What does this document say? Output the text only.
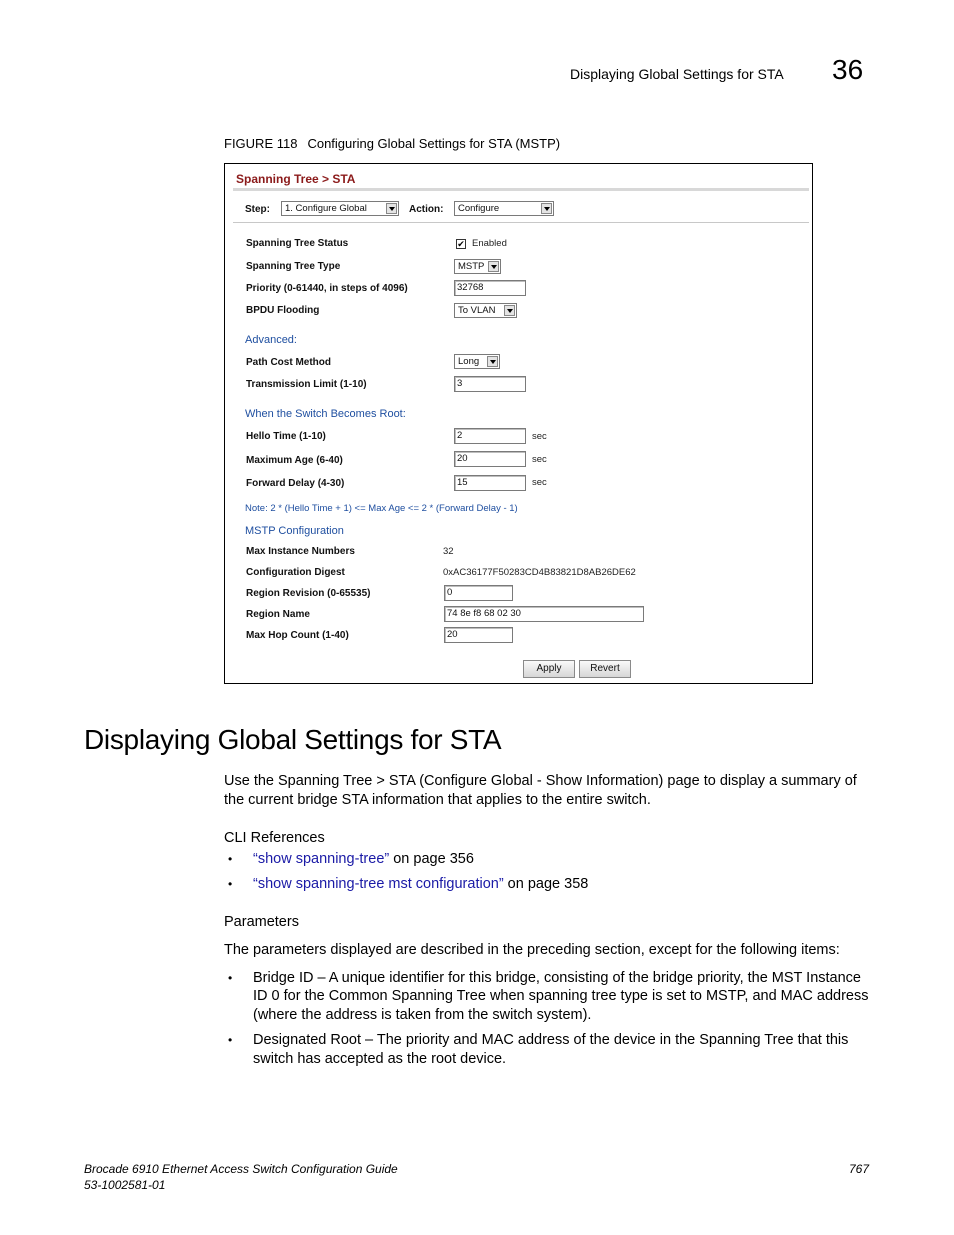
Displaying Global Settings for STA 36
FIGURE 118 Configuring Global Settings for STA (MSTP)
Spanning Tree > STA
Step:	1. Configure Global	Action:	Configure
Spanning Tree Status	✔ Enabled
Spanning Tree Type	MSTP
Priority (0-61440, in steps of 4096)	32768
BPDU Flooding	To VLAN
Advanced:
Path Cost Method	Long
Transmission Limit (1-10)	3
When the Switch Becomes Root:
Hello Time (1-10)	2	sec
Maximum Age (6-40)	20	sec
Forward Delay (4-30)	15	sec
Note: 2 * (Hello Time + 1) <= Max Age <= 2 * (Forward Delay - 1)
MSTP Configuration
Max Instance Numbers	32
Configuration Digest	0xAC36177F50283CD4B83821D8AB26DE62
Region Revision (0-65535)	0
Region Name	74 8e f8 68 02 30
Max Hop Count (1-40)	20
Apply	Revert
Displaying Global Settings for STA
Use the Spanning Tree > STA (Configure Global - Show Information) page to display a summary of
the current bridge STA information that applies to the entire switch.
CLI References
• “show spanning-tree” on page 356
• “show spanning-tree mst configuration” on page 358
Parameters
The parameters displayed are described in the preceding section, except for the following items:
• Bridge ID – A unique identifier for this bridge, consisting of the bridge priority, the MST Instance
ID 0 for the Common Spanning Tree when spanning tree type is set to MSTP, and MAC address
(where the address is taken from the switch system).
• Designated Root – The priority and MAC address of the device in the Spanning Tree that this
switch has accepted as the root device.
Brocade 6910 Ethernet Access Switch Configuration Guide
53-1002581-01
767
